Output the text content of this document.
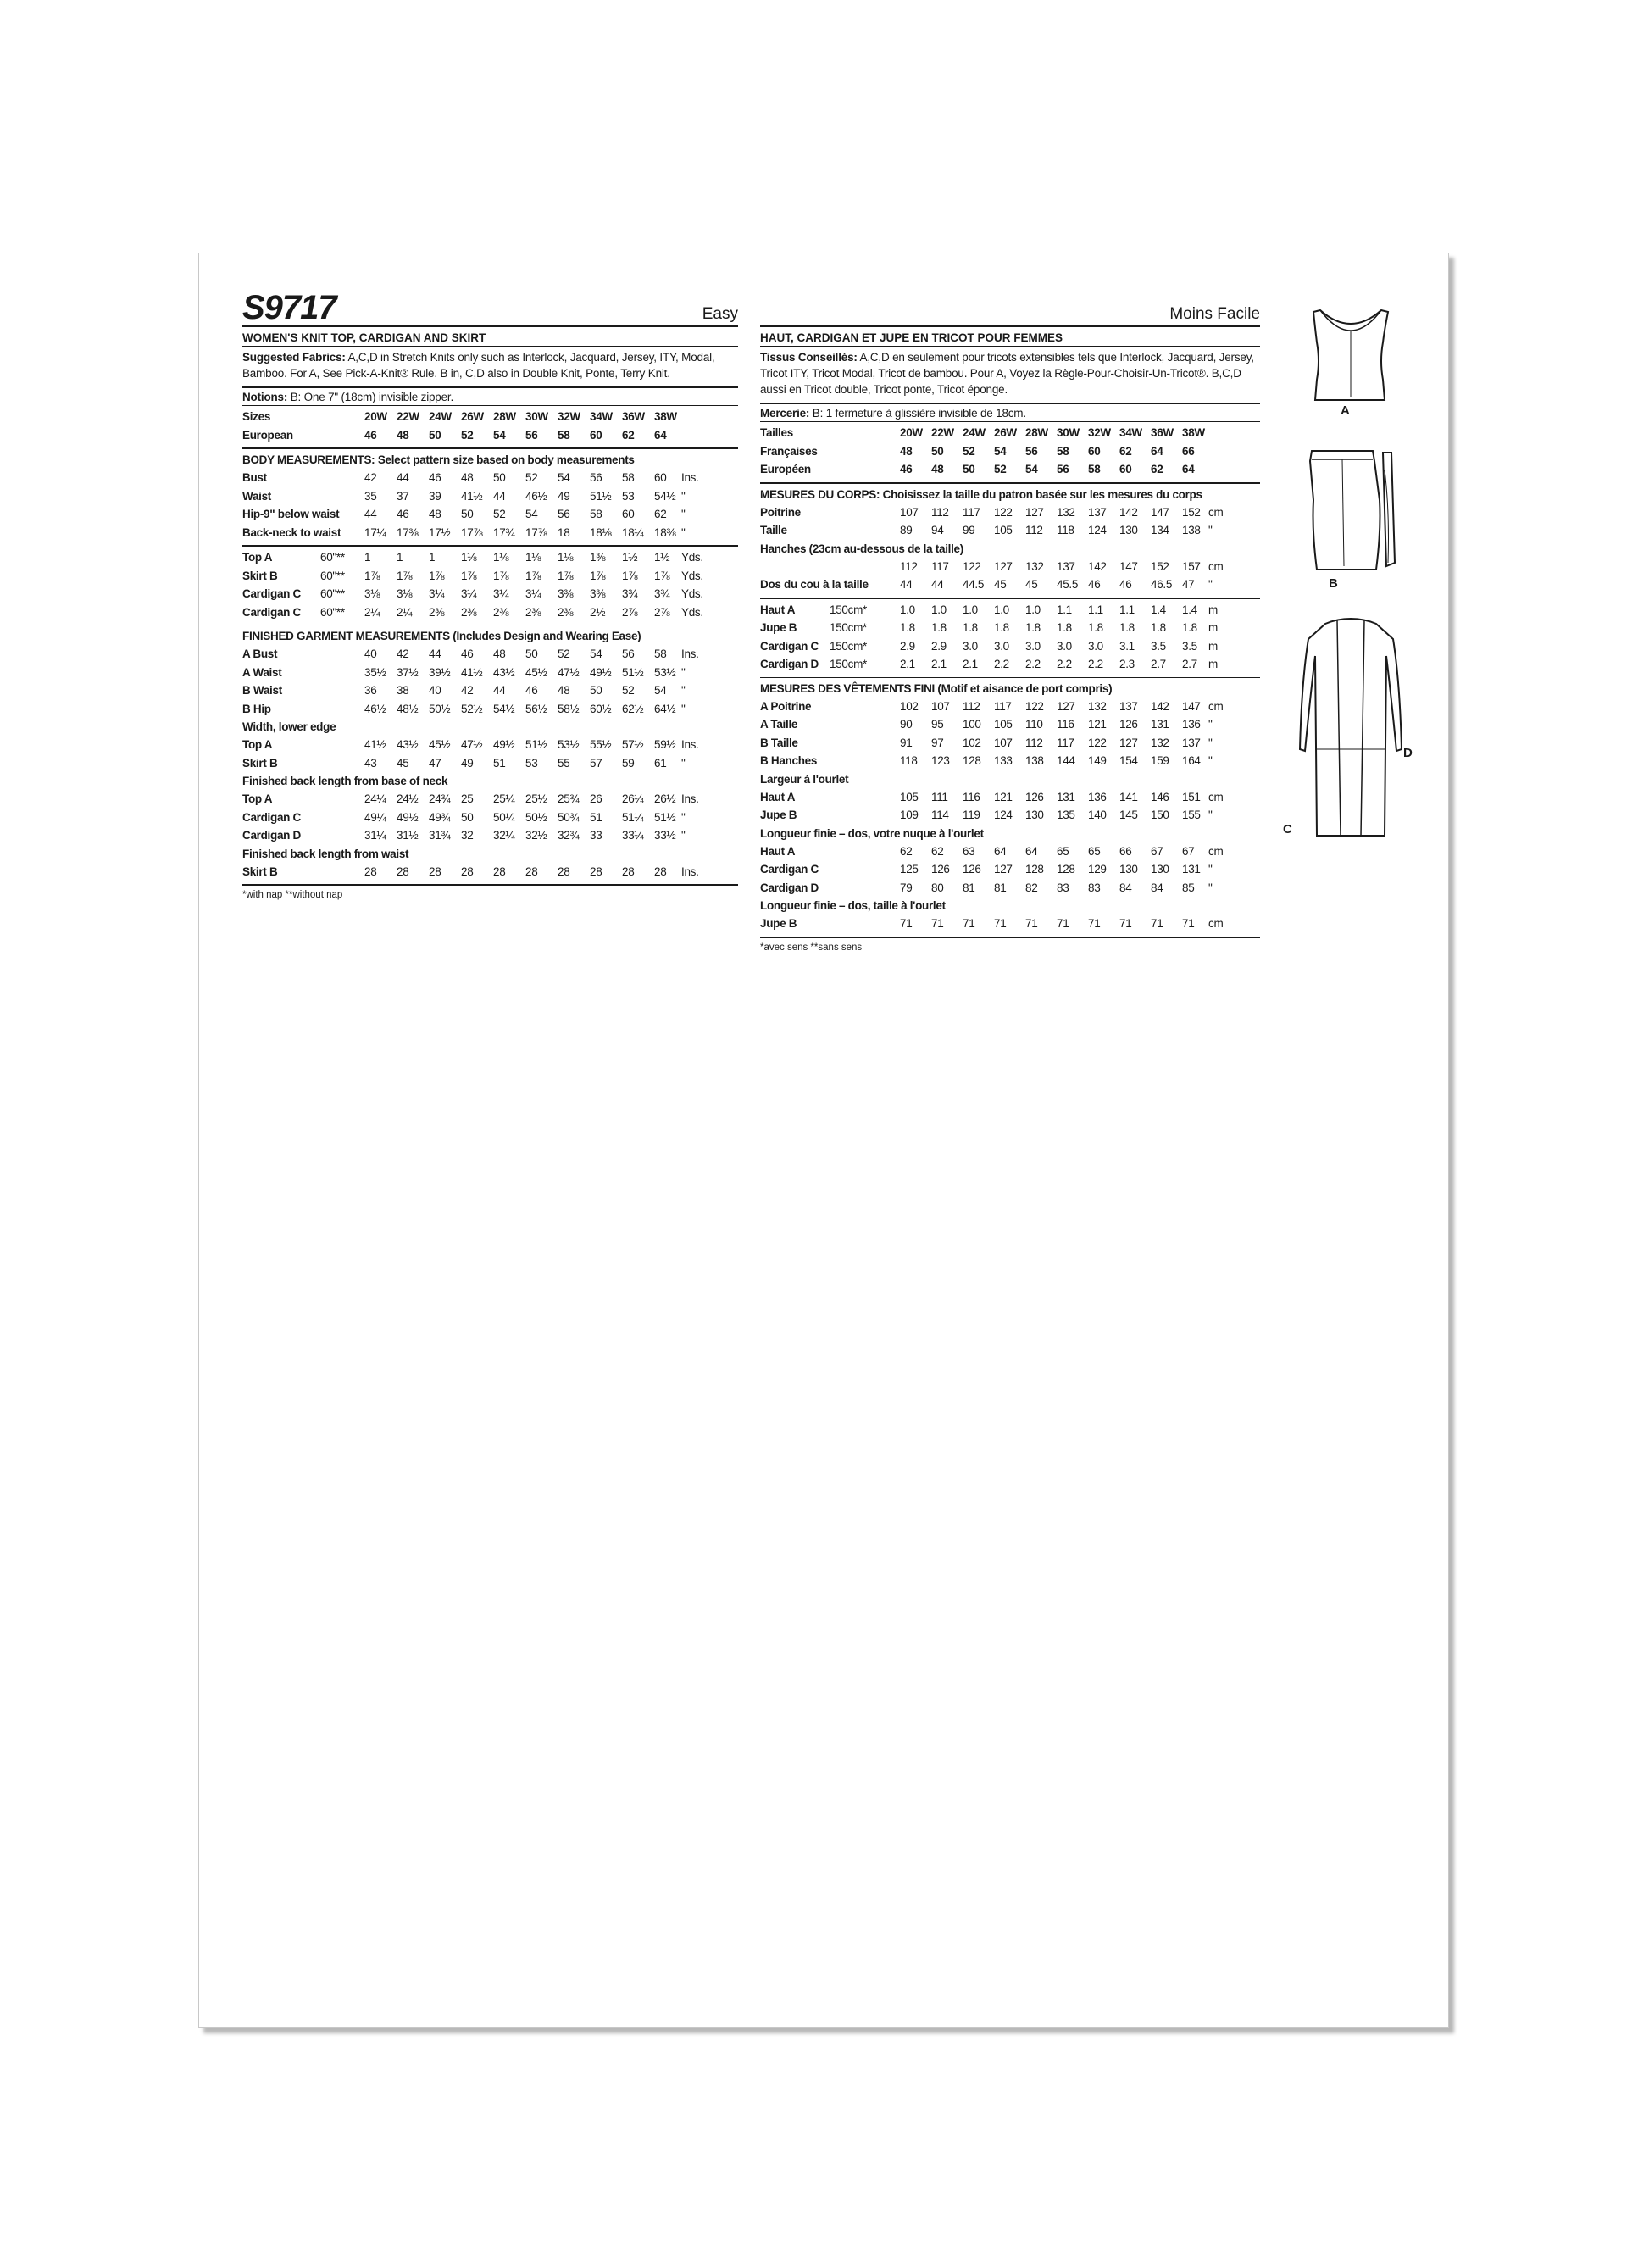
S9717	Easy
WOMEN'S KNIT TOP, CARDIGAN AND SKIRT
Suggested Fabrics: A,C,D in Stretch Knits only such as Interlock, Jacquard, Jersey, ITY, Modal, Bamboo. For A, See Pick-A-Knit® Rule. B in, C,D also in Double Knit, Ponte, Terry Knit.
Notions: B: One 7" (18cm) invisible zipper.
Sizes	20W 22W 24W 26W 28W 30W 32W 34W 36W 38W
European	46 48 50 52 54 56 58 60 62 64
BODY MEASUREMENTS: Select pattern size based on body measurements
Bust	42 44 46 48 50 52 54 56 58 60 Ins.
Waist	35 37 39 41½ 44 46½ 49 51½ 53 54½ "
Hip-9" below waist 44 46 48 50 52 54 56 58 60 62 "
Back-neck to waist 17¼ 17⅜ 17½ 17⅞ 17¾ 17⅞ 18 18⅛ 18¼ 18⅜ "
Top A	60"** 1 1 1 1⅛ 1⅛ 1⅛ 1⅛ 1⅜ 1½ 1½ Yds.
Skirt B	60"** 1⅞ 1⅞ 1⅞ 1⅞ 1⅞ 1⅞ 1⅞ 1⅞ 1⅞ 1⅞ Yds.
Cardigan C 60"** 3⅛ 3⅛ 3¼ 3¼ 3¼ 3¼ 3⅜ 3⅜ 3¾ 3¾ Yds.
Cardigan C 60"** 2¼ 2¼ 2⅜ 2⅜ 2⅜ 2⅜ 2⅜ 2½ 2⅞ 2⅞ Yds.
FINISHED GARMENT MEASUREMENTS (Includes Design and Wearing Ease)
A Bust	40 42 44 46 48 50 52 54 56 58 Ins.
A Waist	35½ 37½ 39½ 41½ 43½ 45½ 47½ 49½ 51½ 53½ "
B Waist	36 38 40 42 44 46 48 50 52 54 "
B Hip	46½ 48½ 50½ 52½ 54½ 56½ 58½ 60½ 62½ 64½ "
Width, lower edge
Top A	41½ 43½ 45½ 47½ 49½ 51½ 53½ 55½ 57½ 59½ Ins.
Skirt B	43 45 47 49 51 53 55 57 59 61 "
Finished back length from base of neck
Top A	24¼ 24½ 24¾ 25 25¼ 25½ 25¾ 26 26¼ 26½ Ins.
Cardigan C	49¼ 49½ 49¾ 50 50¼ 50½ 50¾ 51 51¼ 51½ "
Cardigan D	31¼ 31½ 31¾ 32 32¼ 32½ 32¾ 33 33¼ 33½ "
Finished back length from waist
Skirt B	28 28 28 28 28 28 28 28 28 28 Ins.
*with nap **without nap
Moins Facile
HAUT, CARDIGAN ET JUPE EN TRICOT POUR FEMMES
Tissus Conseillés: A,C,D en seulement pour tricots extensibles tels que Interlock, Jacquard, Jersey, Tricot ITY, Tricot Modal, Tricot de bambou. Pour A, Voyez la Règle-Pour-Choisir-Un-Tricot®. B,C,D aussi en Tricot double, Tricot ponte, Tricot éponge.
Mercerie: B: 1 fermeture à glissière invisible de 18cm.
Tailles	20W 22W 24W 26W 28W 30W 32W 34W 36W 38W
Françaises	48 50 52 54 56 58 60 62 64 66
Européen	46 48 50 52 54 56 58 60 62 64
MESURES DU CORPS: Choisissez la taille du patron basée sur les mesures du corps
Poitrine	107 112 117 122 127 132 137 142 147 152 cm
Taille	89 94 99 105 112 118 124 130 134 138 "
Hanches (23cm au-dessous de la taille)
112 117 122 127 132 137 142 147 152 157 cm
Dos du cou à la taille	44 44 44.5 45 45 45.5 46 46 46.5 47 "
Haut A	150cm*	1.0 1.0 1.0 1.0 1.0 1.1 1.1 1.1 1.4 1.4 m
Jupe B	150cm*	1.8 1.8 1.8 1.8 1.8 1.8 1.8 1.8 1.8 1.8 m
Cardigan C 150cm*	2.9 2.9 3.0 3.0 3.0 3.0 3.0 3.1 3.5 3.5 m
Cardigan D 150cm*	2.1 2.1 2.1 2.2 2.2 2.2 2.2 2.3 2.7 2.7 m
MESURES DES VÊTEMENTS FINI (Motif et aisance de port compris)
A Poitrine	102 107 112 117 122 127 132 137 142 147 cm
A Taille	90 95 100 105 110 116 121 126 131 136 "
B Taille	91 97 102 107 112 117 122 127 132 137 "
B Hanches	118 123 128 133 138 144 149 154 159 164 "
Largeur à l'ourlet
Haut A	105 111 116 121 126 131 136 141 146 151 cm
Jupe B	109 114 119 124 130 135 140 145 150 155 "
Longueur finie – dos, votre nuque à l'ourlet
Haut A	62 62 63 64 64 65 65 66 67 67 cm
Cardigan C	125 126 126 127 128 128 129 130 130 131 "
Cardigan D	79 80 81 81 82 83 83 84 84 85 "
Longueur finie – dos, taille à l'ourlet
Jupe B	71 71 71 71 71 71 71 71 71 71 cm
*avec sens **sans sens
A
B
C
D
